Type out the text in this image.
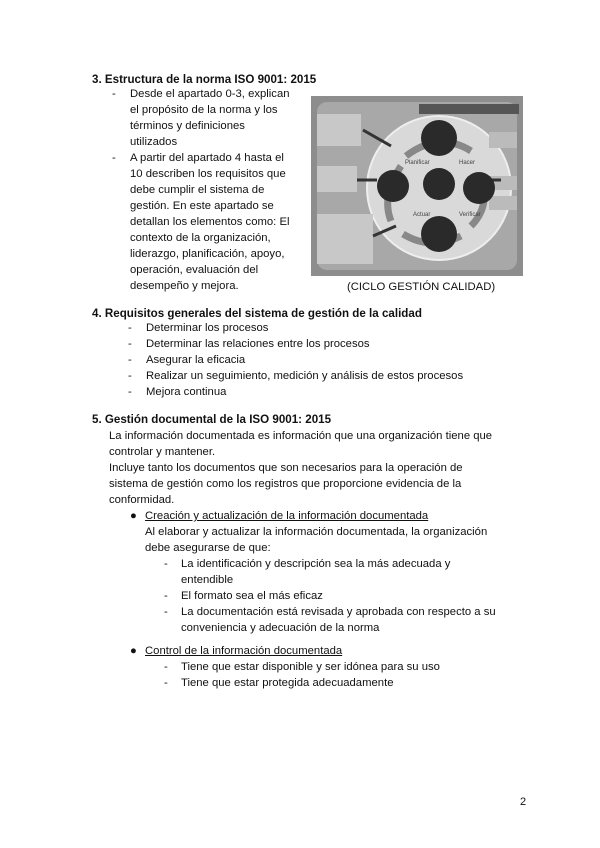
3. Estructura de la norma ISO 9001: 2015
- Desde el apartado 0-3, explican
el propósito de la norma y los
términos y definiciones
utilizados
- A partir del apartado 4 hasta el
10 describen los requisitos que
debe cumplir el sistema de
gestión. En este apartado se
detallan los elementos como: El
contexto de la organización,
liderazgo, planificación, apoyo,
operación, evaluación del
desempeño y mejora.
Planificar	Hacer
Verificar
Actuar
(CICLO GESTIÓN CALIDAD)
4. Requisitos generales del sistema de gestión de la calidad
- Determinar los procesos
- Determinar las relaciones entre los procesos
- Asegurar la eficacia
- Realizar un seguimiento, medición y análisis de estos procesos
- Mejora continua
5. Gestión documental de la ISO 9001: 2015
La información documentada es información que una organización tiene que
controlar y mantener.
Incluye tanto los documentos que son necesarios para la operación de
sistema de gestión como los registros que proporcione evidencia de la
conformidad.
● Creación y actualización de la información documentada
Al elaborar y actualizar la información documentada, la organización
debe asegurarse de que:
- La identificación y descripción sea la más adecuada y
entendible
- El formato sea el más eficaz
- La documentación está revisada y aprobada con respecto a su
conveniencia y adecuación de la norma
● Control de la información documentada
- Tiene que estar disponible y ser idónea para su uso
- Tiene que estar protegida adecuadamente
2
